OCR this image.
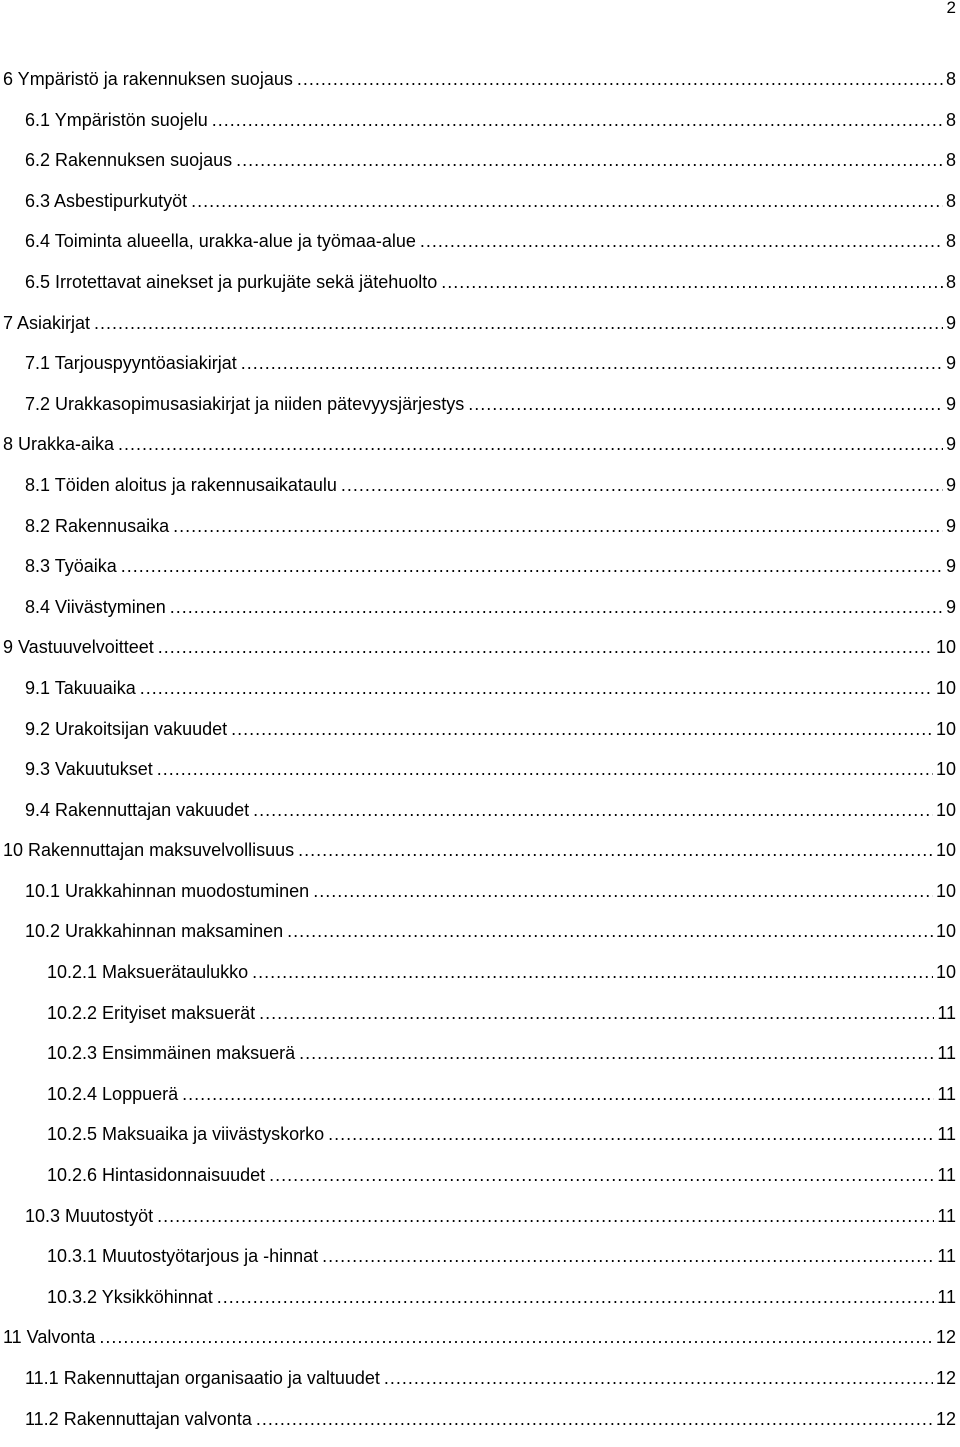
2
6 Ympäristö ja rakennuksen suojaus .....	8
6.1 Ympäristön suojelu .....	8
6.2 Rakennuksen suojaus .....	8
6.3 Asbestipurkutyöt .....	8
6.4 Toiminta alueella, urakka-alue ja työmaa-alue .....	8
6.5 Irrotettavat ainekset ja purkujäte sekä jätehuolto .....	8
7 Asiakirjat .....	9
7.1 Tarjouspyyntöasiakirjat .....	9
7.2 Urakkasopimusasiakirjat ja niiden pätevyysjärjestys .....	9
8 Urakka-aika .....	9
8.1 Töiden aloitus ja rakennusaikataulu .....	9
8.2 Rakennusaika .....	9
8.3 Työaika .....	9
8.4 Viivästyminen .....	9
9 Vastuuvelvoitteet .....	10
9.1 Takuuaika .....	10
9.2 Urakoitsijan vakuudet .....	10
9.3 Vakuutukset .....	10
9.4 Rakennuttajan vakuudet .....	10
10 Rakennuttajan maksuvelvollisuus .....	10
10.1 Urakkahinnan muodostuminen .....	10
10.2 Urakkahinnan maksaminen .....	10
10.2.1 Maksuerätaulukko .....	10
10.2.2 Erityiset maksuerät .....	11
10.2.3 Ensimmäinen maksuerä .....	11
10.2.4 Loppuerä .....	11
10.2.5 Maksuaika ja viivästyskorko .....	11
10.2.6 Hintasidonnaisuudet .....	11
10.3 Muutostyöt .....	11
10.3.1 Muutostyötarjous ja -hinnat .....	11
10.3.2 Yksikköhinnat .....	11
11 Valvonta .....	12
11.1 Rakennuttajan organisaatio ja valtuudet .....	12
11.2 Rakennuttajan valvonta .....	12
